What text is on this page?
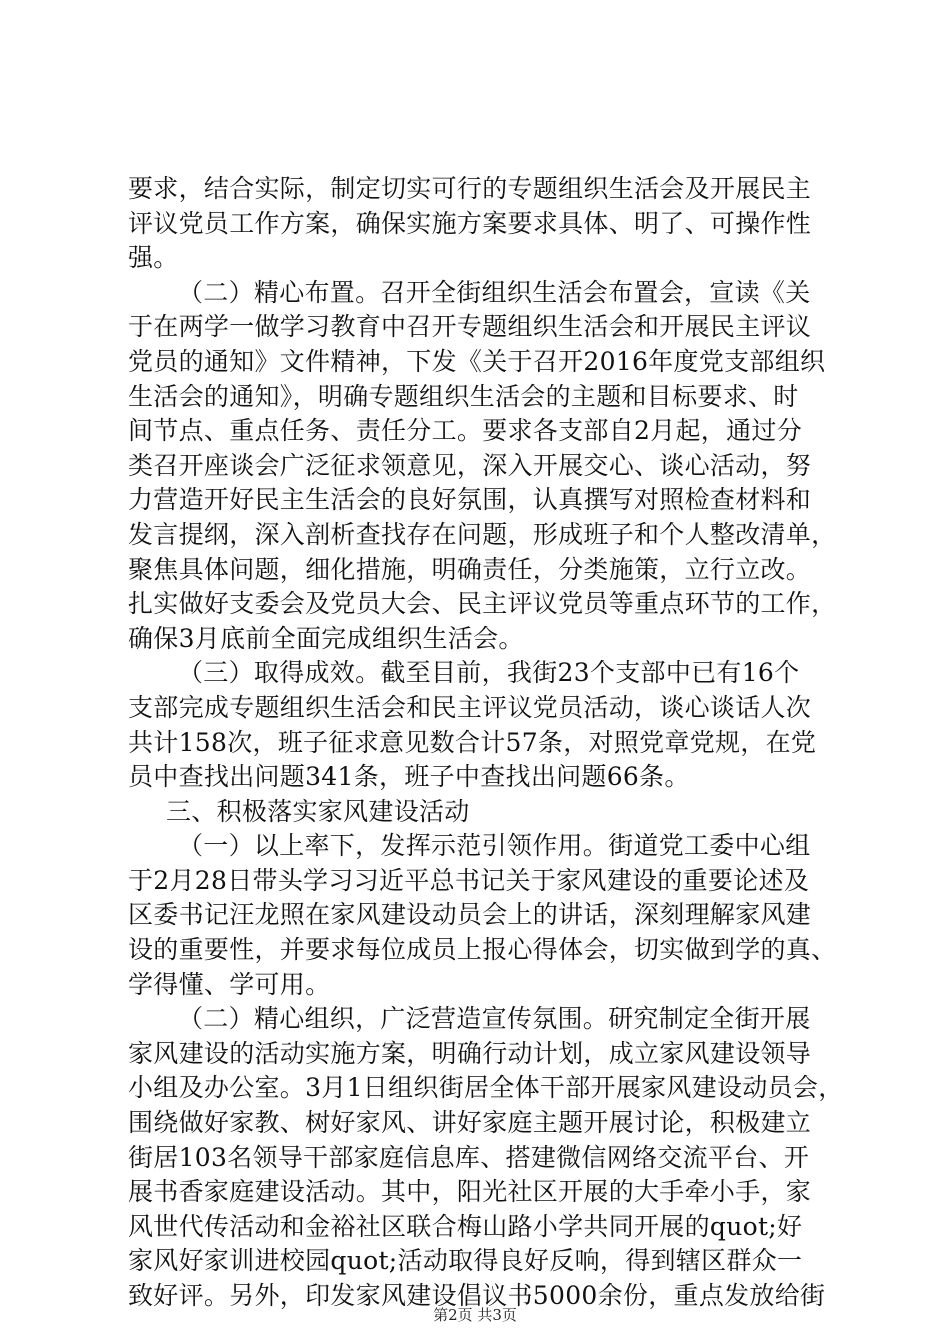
要求，结合实际，制定切实可行的专题组织生活会及开展民主
评议党员工作方案，确保实施方案要求具体、明了、可操作性
强。
（二）精心布置。召开全街组织生活会布置会，宣读《关
于在两学一做学习教育中召开专题组织生活会和开展民主评议
党员的通知》文件精神，下发《关于召开2016年度党支部组织
生活会的通知》，明确专题组织生活会的主题和目标要求、时
间节点、重点任务、责任分工。要求各支部自2月起，通过分
类召开座谈会广泛征求领意见，深入开展交心、谈心活动，努
力营造开好民主生活会的良好氛围，认真撰写对照检查材料和
发言提纲，深入剖析查找存在问题，形成班子和个人整改清单，
聚焦具体问题，细化措施，明确责任，分类施策，立行立改。
扎实做好支委会及党员大会、民主评议党员等重点环节的工作，
确保3月底前全面完成组织生活会。
（三）取得成效。截至目前，我街23个支部中已有16个
支部完成专题组织生活会和民主评议党员活动，谈心谈话人次
共计158次，班子征求意见数合计57条，对照党章党规，在党
员中查找出问题341条，班子中查找出问题66条。
三、积极落实家风建设活动
（一）以上率下，发挥示范引领作用。街道党工委中心组
于2月28日带头学习习近平总书记关于家风建设的重要论述及
区委书记汪龙照在家风建设动员会上的讲话，深刻理解家风建
设的重要性，并要求每位成员上报心得体会，切实做到学的真、
学得懂、学可用。
（二）精心组织，广泛营造宣传氛围。研究制定全街开展
家风建设的活动实施方案，明确行动计划，成立家风建设领导
小组及办公室。3月1日组织街居全体干部开展家风建设动员会，
围绕做好家教、树好家风、讲好家庭主题开展讨论，积极建立
街居103名领导干部家庭信息库、搭建微信网络交流平台、开
展书香家庭建设活动。其中，阳光社区开展的大手牵小手，家
风世代传活动和金裕社区联合梅山路小学共同开展的quot;好
家风好家训进校园quot;活动取得良好反响，得到辖区群众一
致好评。另外，印发家风建设倡议书5000余份，重点发放给街
第2页 共3页
